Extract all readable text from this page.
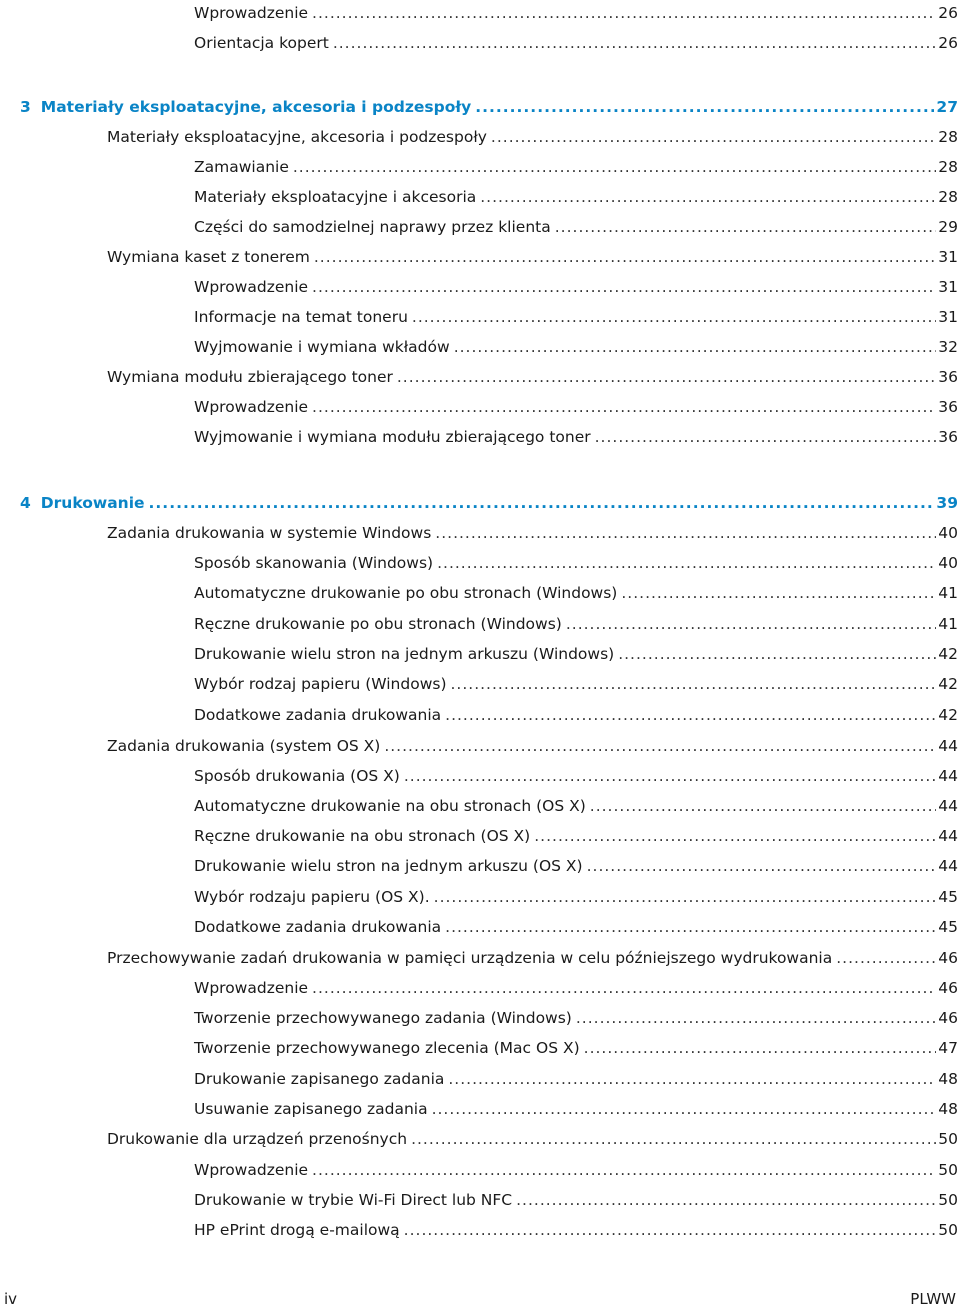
Wprowadzenie .....	26
Orientacja kopert .....	26
3 Materiały eksploatacyjne, akcesoria i podzespoły .....	27
Materiały eksploatacyjne, akcesoria i podzespoły .....	28
Zamawianie .....	28
Materiały eksploatacyjne i akcesoria .....	28
Części do samodzielnej naprawy przez klienta .....	29
Wymiana kaset z tonerem .....	31
Wprowadzenie .....	31
Informacje na temat toneru .....	31
Wyjmowanie i wymiana wkładów .....	32
Wymiana modułu zbierającego toner .....	36
Wprowadzenie .....	36
Wyjmowanie i wymiana modułu zbierającego toner .....	36
4 Drukowanie .....	39
Zadania drukowania w systemie Windows .....	40
Sposób skanowania (Windows) .....	40
Automatyczne drukowanie po obu stronach (Windows) .....	41
Ręczne drukowanie po obu stronach (Windows) .....	41
Drukowanie wielu stron na jednym arkuszu (Windows) .....	42
Wybór rodzaj papieru (Windows) .....	42
Dodatkowe zadania drukowania .....	42
Zadania drukowania (system OS X) .....	44
Sposób drukowania (OS X) .....	44
Automatyczne drukowanie na obu stronach (OS X) .....	44
Ręczne drukowanie na obu stronach (OS X) .....	44
Drukowanie wielu stron na jednym arkuszu (OS X) .....	44
Wybór rodzaju papieru (OS X). .....	45
Dodatkowe zadania drukowania .....	45
Przechowywanie zadań drukowania w pamięci urządzenia w celu późniejszego wydrukowania .....	46
Wprowadzenie .....	46
Tworzenie przechowywanego zadania (Windows) .....	46
Tworzenie przechowywanego zlecenia (Mac OS X) .....	47
Drukowanie zapisanego zadania .....	48
Usuwanie zapisanego zadania .....	48
Drukowanie dla urządzeń przenośnych .....	50
Wprowadzenie .....	50
Drukowanie w trybie Wi-Fi Direct lub NFC .....	50
HP ePrint drogą e-mailową .....	50
iv	PLWW
